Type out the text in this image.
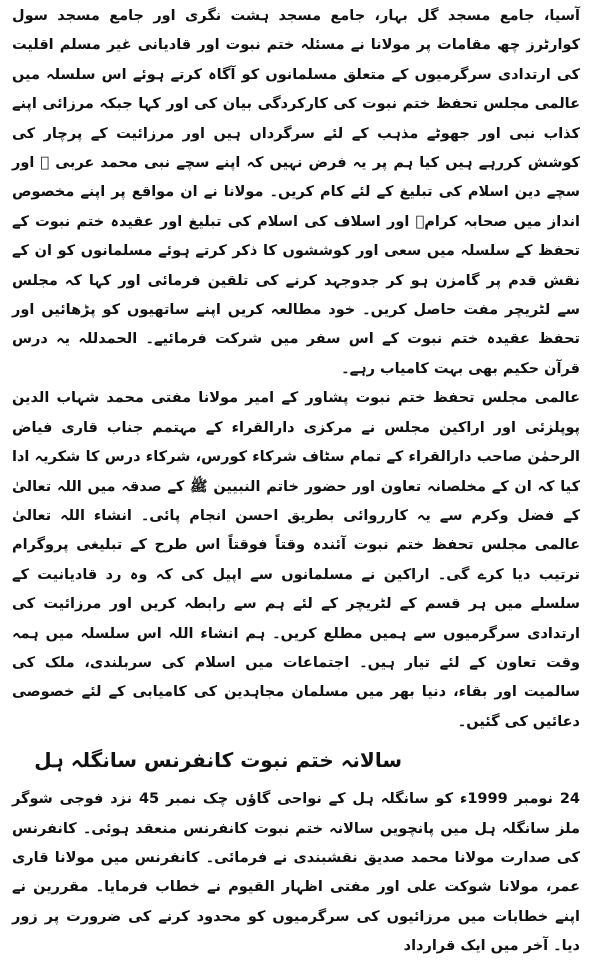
آسیا، جامع مسجد گل بہار، جامع مسجد ہشت نگری اور جامع مسجد سول کوارٹرز چھ مقامات پر مولانا نے مسئلہ ختم نبوت اور قادیانی غیر مسلم اقلیت کی ارتدادی سرگرمیوں کے متعلق مسلمانوں کو آگاہ کرتے ہوئے اس سلسلہ میں عالمی مجلس تحفظ ختم نبوت کی کارکردگی بیان کی اور کہا جبکہ مرزائی اپنے کذاب نبی اور جھوٹے مذہب کے لئے سرگرداں ہیں اور مرزائیت کے پرچار کی کوشش کررہے ہیں کیا ہم پر یہ فرض نہیں کہ اپنے سچے نبی محمد عربی ﷺ اور سچے دین اسلام کی تبلیغ کے لئے کام کریں۔ مولانا نے ان مواقع پر اپنے مخصوص انداز میں صحابہ کرامؓ اور اسلاف کی اسلام کی تبلیغ اور عقیدہ ختم نبوت کے تحفظ کے سلسلہ میں سعی اور کوششوں کا ذکر کرتے ہوئے مسلمانوں کو ان کے نقش قدم پر گامزن ہو کر جدوجہد کرنے کی تلقین فرمائی اور کہا کہ مجلس سے لٹریچر مفت حاصل کریں۔ خود مطالعہ کریں اپنے ساتھیوں کو پڑھائیں اور تحفظ عقیدہ ختم نبوت کے اس سفر میں شرکت فرمائیے۔ الحمدللہ یہ درس قرآن حکیم بھی بہت کامیاب رہے۔

عالمی مجلس تحفظ ختم نبوت پشاور کے امیر مولانا مفتی محمد شہاب الدین پوپلزئی اور اراکین مجلس نے مرکزی دارالقراء کے مہتمم جناب قاری فیاض الرحمٰن صاحب دارالقراء کے تمام سٹاف شرکاء کورس، شرکاء درس کا شکریہ ادا کیا کہ ان کے مخلصانہ تعاون اور حضور خاتم النبیین ﷺ کے صدقہ میں اللہ تعالیٰ کے فضل وکرم سے یہ کارروائی بطریق احسن انجام پائی۔ انشاء اللہ تعالیٰ عالمی مجلس تحفظ ختم نبوت آئندہ وقتاً فوقتاً اس طرح کے تبلیغی پروگرام ترتیب دیا کرے گی۔ اراکین نے مسلمانوں سے اپیل کی کہ وہ رد قادیانیت کے سلسلے میں ہر قسم کے لٹریچر کے لئے ہم سے رابطہ کریں اور مرزائیت کی ارتدادی سرگرمیوں سے ہمیں مطلع کریں۔ ہم انشاء اللہ اس سلسلہ میں ہمہ وقت تعاون کے لئے تیار ہیں۔ اجتماعات میں اسلام کی سربلندی، ملک کی سالمیت اور بقاء، دنیا بھر میں مسلمان مجاہدین کی کامیابی کے لئے خصوصی دعائیں کی گئیں۔

سالانہ ختم نبوت کانفرنس سانگلہ ہل

24 نومبر 1999ء کو سانگلہ ہل کے نواحی گاؤں چک نمبر 45 نزد فوجی شوگر ملز سانگلہ ہل میں پانچویں سالانہ ختم نبوت کانفرنس منعقد ہوئی۔ کانفرنس کی صدارت مولانا محمد صدیق نقشبندی نے فرمائی۔ کانفرنس میں مولانا قاری عمر، مولانا شوکت علی اور مفتی اظہار القیوم نے خطاب فرمایا۔ مقررین نے اپنے خطابات میں مرزائیوں کی سرگرمیوں کو محدود کرنے کی ضرورت پر زور دیا۔ آخر میں ایک قرارداد
